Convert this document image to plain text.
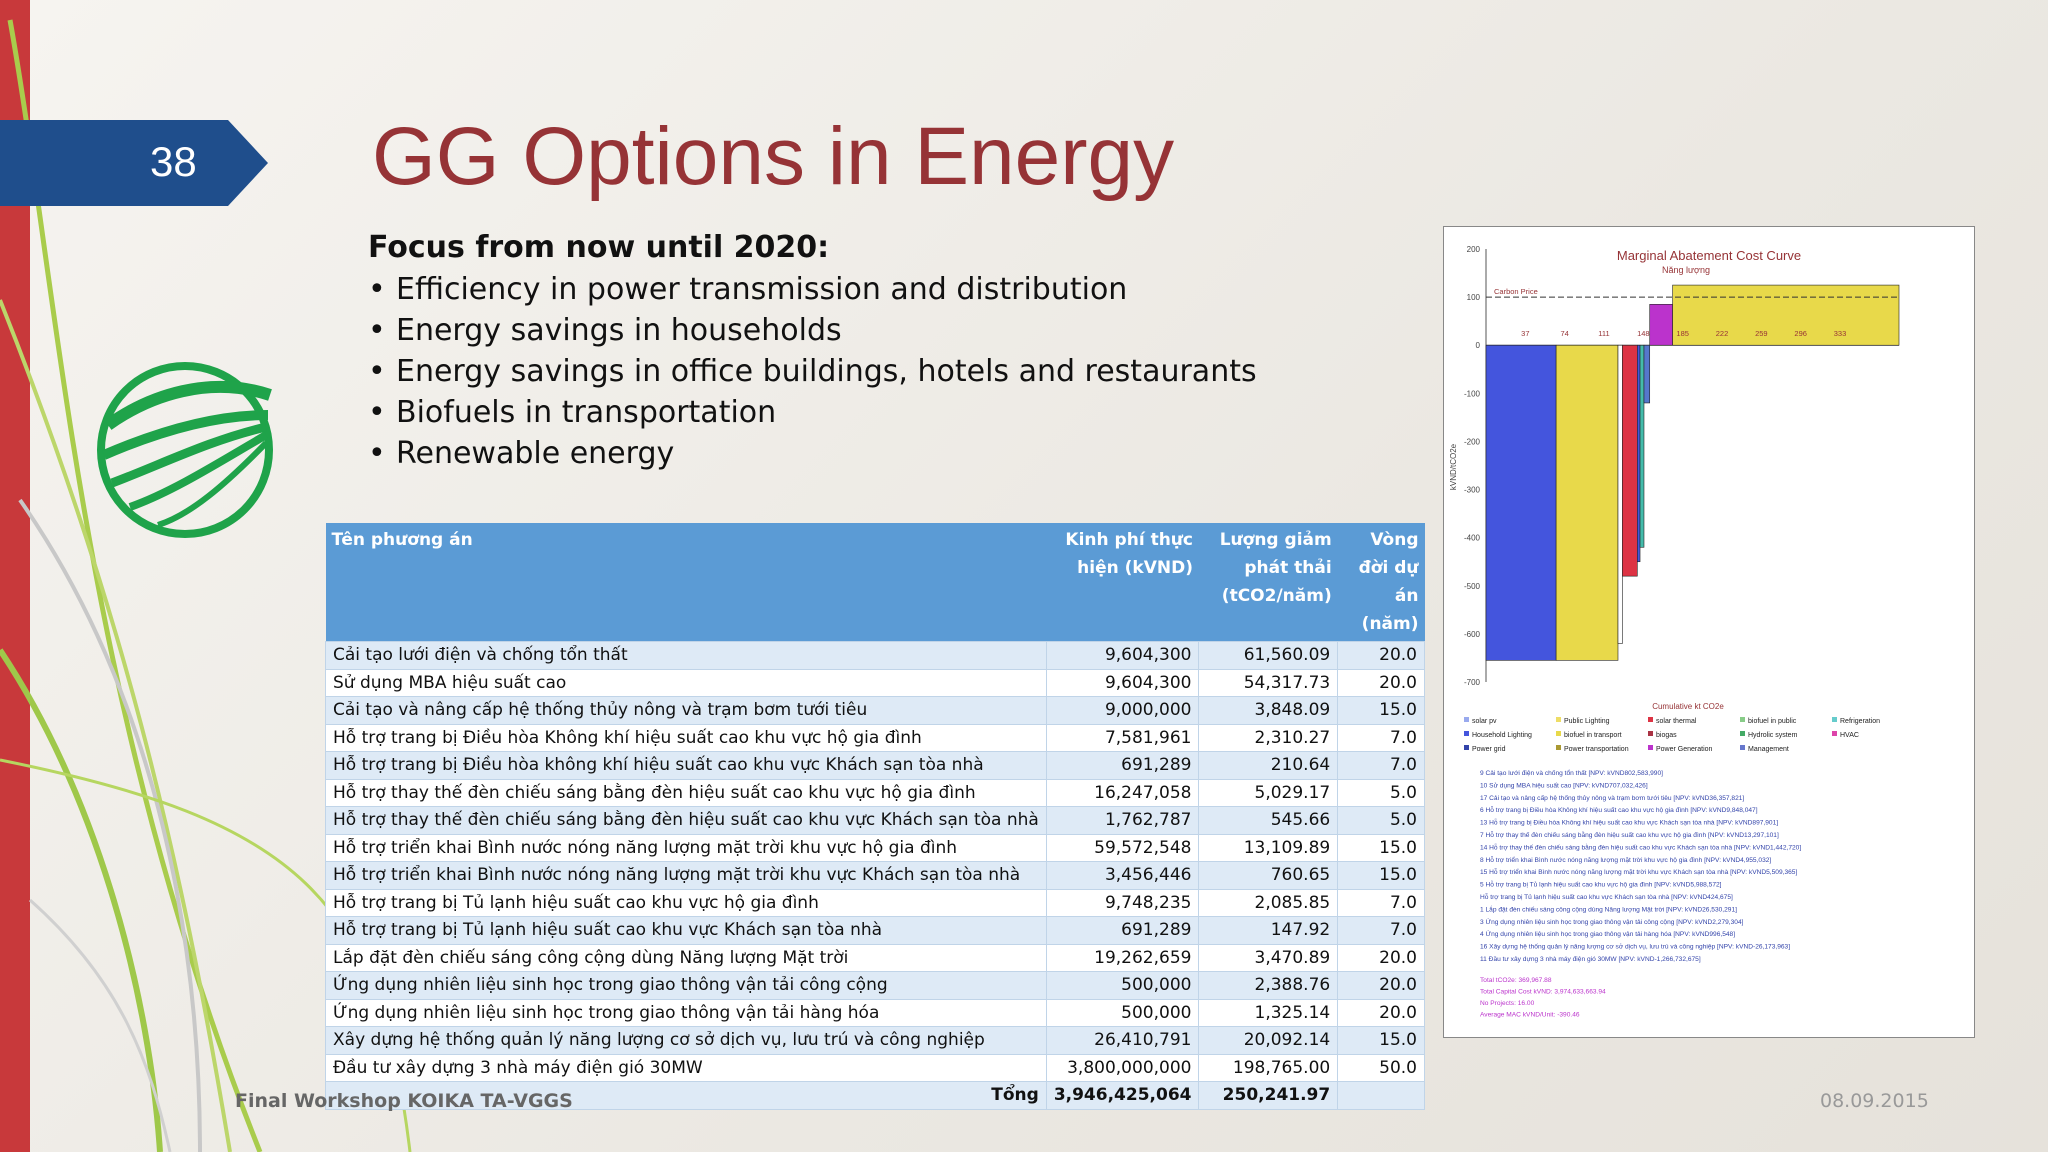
38 GG Options in Energy
Focus from now until 2020:
• Efficiency in power transmission and distribution
• Energy savings in households
• Energy savings in office buildings, hotels and restaurants
• Biofuels in transportation
• Renewable energy
Tên phương án	Kinh phí thực hiện (kVND)	Lượng giảm phát thải (tCO2/năm)	Vòng đời dự án (năm)
Cải tạo lưới điện và chống tổn thất	9,604,300	61,560.09	20.0
Sử dụng MBA hiệu suất cao	9,604,300	54,317.73	20.0
Cải tạo và nâng cấp hệ thống thủy nông và trạm bơm tưới tiêu	9,000,000	3,848.09	15.0
Hỗ trợ trang bị Điều hòa Không khí hiệu suất cao khu vực hộ gia đình	7,581,961	2,310.27	7.0
Hỗ trợ trang bị Điều hòa không khí hiệu suất cao khu vực Khách sạn tòa nhà	691,289	210.64	7.0
Hỗ trợ thay thế đèn chiếu sáng bằng đèn hiệu suất cao khu vực hộ gia đình	16,247,058	5,029.17	5.0
Hỗ trợ thay thế đèn chiếu sáng bằng đèn hiệu suất cao khu vực Khách sạn tòa nhà	1,762,787	545.66	5.0
Hỗ trợ triển khai Bình nước nóng năng lượng mặt trời khu vực hộ gia đình	59,572,548	13,109.89	15.0
Hỗ trợ triển khai Bình nước nóng năng lượng mặt trời khu vực Khách sạn tòa nhà	3,456,446	760.65	15.0
Hỗ trợ trang bị Tủ lạnh hiệu suất cao khu vực hộ gia đình	9,748,235	2,085.85	7.0
Hỗ trợ trang bị Tủ lạnh hiệu suất cao khu vực Khách sạn tòa nhà	691,289	147.92	7.0
Lắp đặt đèn chiếu sáng công cộng dùng Năng lượng Mặt trời	19,262,659	3,470.89	20.0
Ứng dụng nhiên liệu sinh học trong giao thông vận tải công cộng	500,000	2,388.76	20.0
Ứng dụng nhiên liệu sinh học trong giao thông vận tải hàng hóa	500,000	1,325.14	20.0
Xây dựng hệ thống quản lý năng lượng cơ sở dịch vụ, lưu trú và công nghiệp	26,410,791	20,092.14	15.0
Đầu tư xây dựng 3 nhà máy điện gió 30MW	3,800,000,000	198,765.00	50.0
Tổng	3,946,425,064	250,241.97	
Marginal Abatement Cost Curve
Năng lượng
200
100
0
-100
-200
-300
-400
-500
-600
-700
kVND/tCO2e
Carbon Price
37	74	111	148	185	222	259	296	333
Cumulative kt CO2e
solar pv	Public Lighting	solar thermal	biofuel in public	Refrigeration
Household Lighting	biofuel in transport	biogas	Hydrolic system	HVAC
Power grid	Power transportation	Power Generation	Management
9 Cải tạo lưới điện và chống tổn thất [NPV: kVND802,583,990]
10 Sử dụng MBA hiệu suất cao [NPV: kVND707,032,426]
17 Cải tạo và nâng cấp hệ thống thủy nông và trạm bơm tưới tiêu [NPV: kVND36,357,821]
6 Hỗ trợ trang bị Điều hòa Không khí hiệu suất cao khu vực hộ gia đình [NPV: kVND9,848,047]
13 Hỗ trợ trang bị Điều hòa Không khí hiệu suất cao khu vực Khách sạn tòa nhà [NPV: kVND897,901]
7 Hỗ trợ thay thế đèn chiếu sáng bằng đèn hiệu suất cao khu vực hộ gia đình [NPV: kVND13,297,101]
14 Hỗ trợ thay thế đèn chiếu sáng bằng đèn hiệu suất cao khu vực Khách sạn tòa nhà [NPV: kVND1,442,720]
8 Hỗ trợ triển khai Bình nước nóng năng lượng mặt trời khu vực hộ gia đình [NPV: kVND4,955,032]
15 Hỗ trợ triển khai Bình nước nóng năng lượng mặt trời khu vực Khách sạn tòa nhà [NPV: kVND5,509,365]
5 Hỗ trợ trang bị Tủ lạnh hiệu suất cao khu vực hộ gia đình [NPV: kVND5,988,572]
Hỗ trợ trang bị Tủ lạnh hiệu suất cao khu vực Khách sạn tòa nhà [NPV: kVND424,675]
1 Lắp đặt đèn chiếu sáng công cộng dùng Năng lượng Mặt trời [NPV: kVND26,530,291]
3 Ứng dụng nhiên liệu sinh học trong giao thông vận tải công cộng [NPV: kVND2,279,304]
4 Ứng dụng nhiên liệu sinh học trong giao thông vận tải hàng hóa [NPV: kVND996,548]
16 Xây dựng hệ thống quản lý năng lượng cơ sở dịch vụ, lưu trú và công nghiệp [NPV: kVND-26,173,963]
11 Đầu tư xây dựng 3 nhà máy điện gió 30MW [NPV: kVND-1,266,732,675]
Total tCO2e: 369,967.88
Total Capital Cost kVND: 3,974,633,663.94
No Projects: 16.00
Average MAC kVND/Unit: -390.46
Final Workshop KOIKA TA-VGGS	08.09.2015
